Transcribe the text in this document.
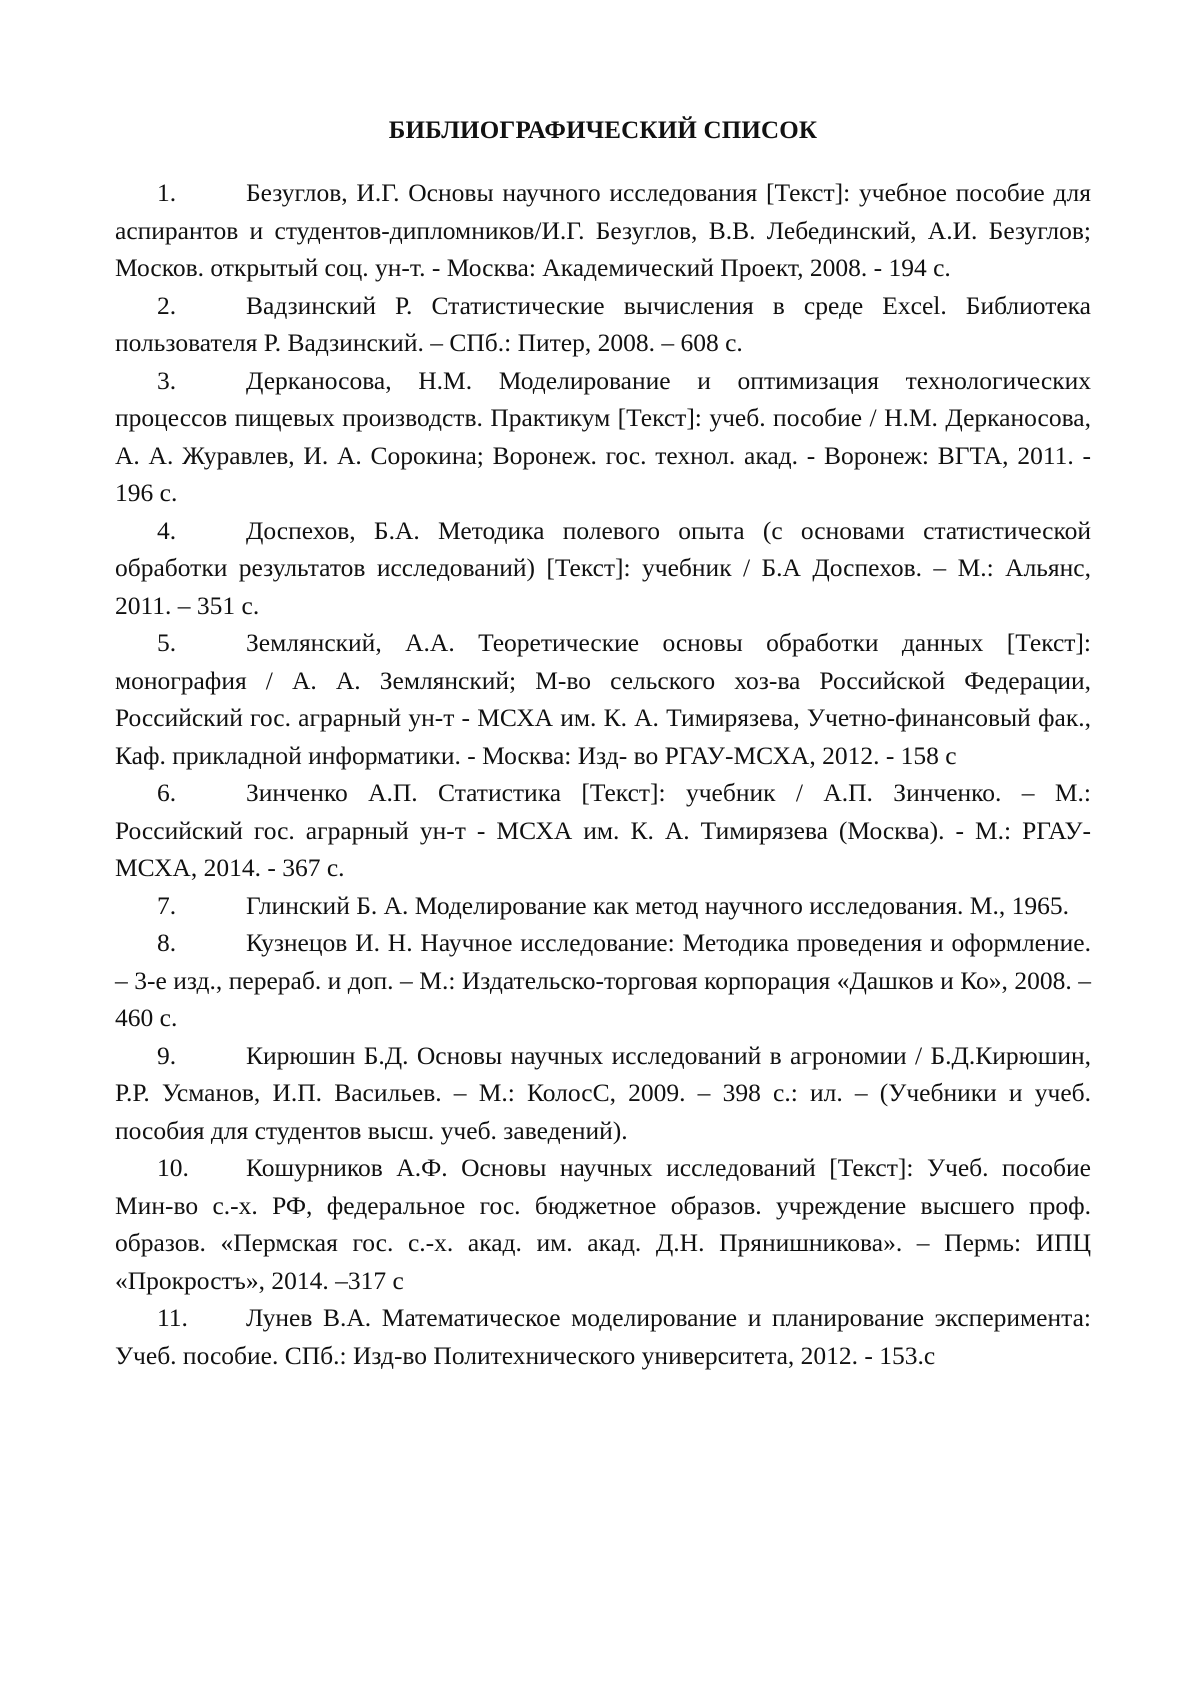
БИБЛИОГРАФИЧЕСКИЙ СПИСОК
1.	Безуглов, И.Г. Основы научного исследования [Текст]: учебное пособие для аспирантов и студентов-дипломников/И.Г. Безуглов, В.В. Лебединский, А.И. Безуглов; Москов. открытый соц. ун-т. - Москва: Академический Проект, 2008. - 194 с.
2.	Вадзинский Р. Статистические вычисления в среде Excel. Библиотека пользователя Р. Вадзинский. – СПб.: Питер, 2008. – 608 с.
3.	Дерканосова, Н.М. Моделирование и оптимизация технологических процессов пищевых производств. Практикум [Текст]: учеб. пособие / Н.М. Дерканосова, А. А. Журавлев, И. А. Сорокина; Воронеж. гос. технол. акад. - Воронеж: ВГТА, 2011. - 196 с.
4.	Доспехов, Б.А. Методика полевого опыта (с основами статистической обработки результатов исследований) [Текст]: учебник / Б.А Доспехов. – М.: Альянс, 2011. – 351 с.
5.	Землянский, А.А. Теоретические основы обработки данных [Текст]: монография / А. А. Землянский; М-во сельского хоз-ва Российской Федерации, Российский гос. аграрный ун-т - МСХА им. К. А. Тимирязева, Учетно-финансовый фак., Каф. прикладной информатики. - Москва: Изд- во РГАУ-МСХА, 2012. - 158 с
6.	Зинченко А.П. Статистика [Текст]: учебник / А.П. Зинченко. – М.: Российский гос. аграрный ун-т - МСХА им. К. А. Тимирязева (Москва). - М.: РГАУ-МСХА, 2014. - 367 с.
7.	Глинский Б. А. Моделирование как метод научного исследования. М., 1965.
8.	Кузнецов И. Н. Научное исследование: Методика проведения и оформление. – 3-е изд., перераб. и доп. – М.: Издательско-торговая корпорация «Дашков и Ко», 2008. – 460 с.
9.	Кирюшин Б.Д. Основы научных исследований в агрономии / Б.Д.Кирюшин, Р.Р. Усманов, И.П. Васильев. – М.: КолосС, 2009. – 398 с.: ил. – (Учебники и учеб. пособия для студентов высш. учеб. заведений).
10. Кошурников А.Ф. Основы научных исследований [Текст]: Учеб. пособие Мин-во с.-х. РФ, федеральное гос. бюджетное образов. учреждение высшего проф. образов. «Пермская гос. с.-х. акад. им. акад. Д.Н. Прянишникова». – Пермь: ИПЦ «Прокростъ», 2014. –317 с
11. Лунев В.А. Математическое моделирование и планирование эксперимента: Учеб. пособие. СПб.: Изд-во Политехнического университета, 2012. - 153.с
